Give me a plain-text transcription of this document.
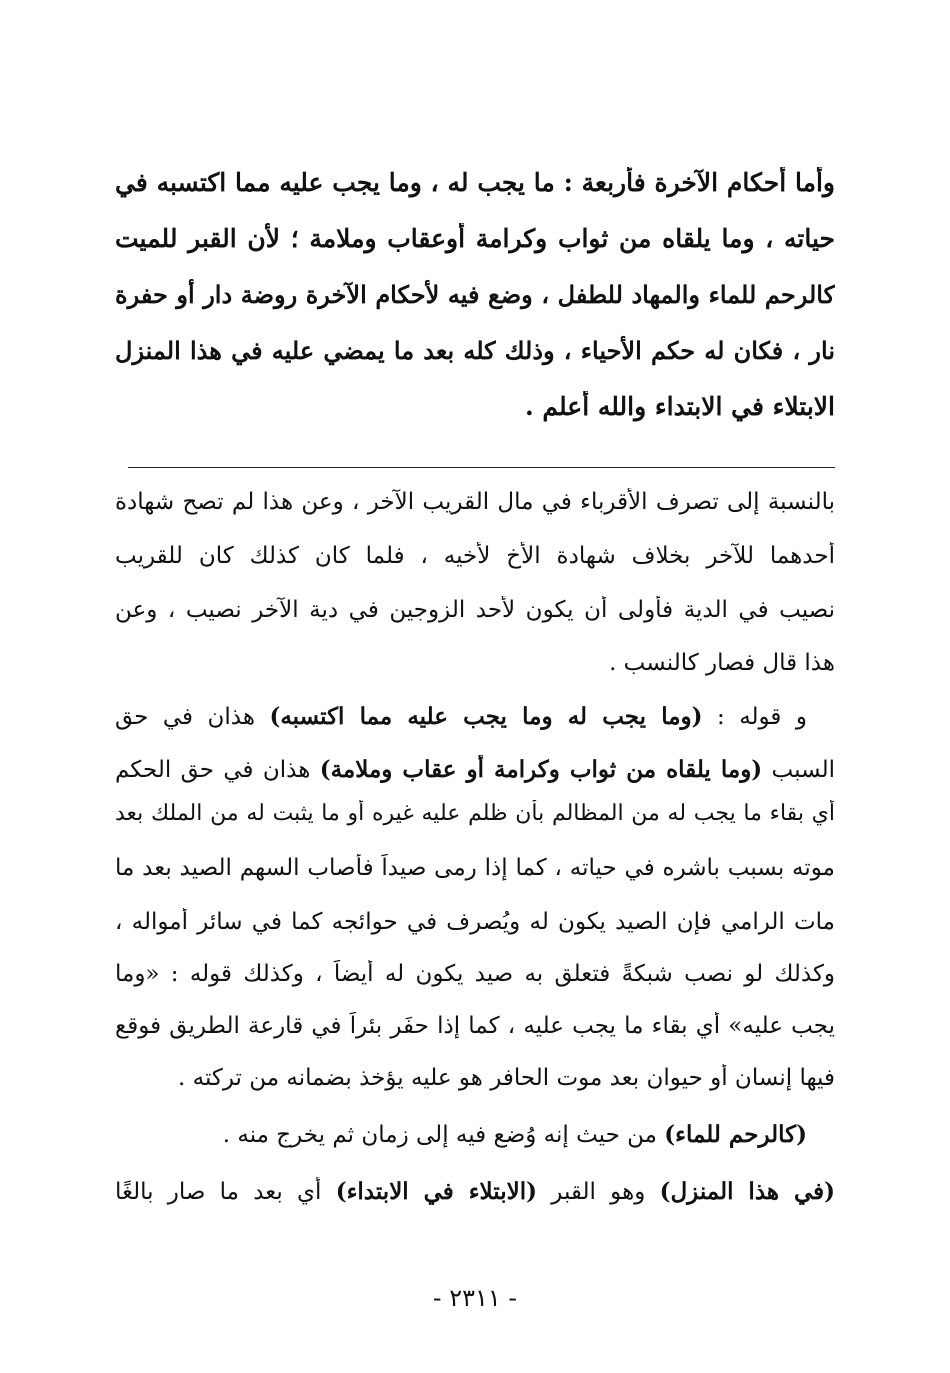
وأما أحكام الآخرة فأربعة : ما يجب له ، وما يجب عليه مما اكتسبه في
حياته ، وما يلقاه من ثواب وكرامة أوعقاب وملامة ؛ لأن القبر للميت
كالرحم للماء والمهاد للطفل ، وضع فيه لأحكام الآخرة روضة دار أو حفرة
نار ، فكان له حكم الأحياء ، وذلك كله بعد ما يمضي عليه في هذا المنزل
الابتلاء في الابتداء والله أعلم .
بالنسبة إلى تصرف الأقرباء في مال القريب الآخر ، وعن هذا لم تصح شهادة
أحدهما للآخر بخلاف شهادة الأخ لأخيه ، فلما كان كذلك كان للقريب
نصيب في الدية فأولى أن يكون لأحد الزوجين في دية الآخر نصيب ، وعن
هذا قال فصار كالنسب .
و قوله : (وما يجب له وما يجب عليه مما اكتسبه) هذان في حق
السبب (وما يلقاه من ثواب وكرامة أو عقاب وملامة) هذان في حق الحكم
أي بقاء ما يجب له من المظالم بأن ظلم عليه غيره أو ما يثبت له من الملك بعد
موته بسبب باشره في حياته ، كما إذا رمى صيداً فأصاب السهم الصيد بعد ما
مات الرامي فإن الصيد يكون له ويُصرف في حوائجه كما في سائر أمواله ،
وكذلك لو نصب شبكةً فتعلق به صيد يكون له أيضاً ، وكذلك قوله : «وما
يجب عليه» أي بقاء ما يجب عليه ، كما إذا حفَر بئراً في قارعة الطريق فوقع
فيها إنسان أو حيوان بعد موت الحافر هو عليه يؤخذ بضمانه من تركته .
(كالرحم للماء) من حيث إنه وُضع فيه إلى زمان ثم يخرج منه .
(في هذا المنزل) وهو القبر (الابتلاء في الابتداء) أي بعد ما صار بالغًا
- ٢٣١١ -
